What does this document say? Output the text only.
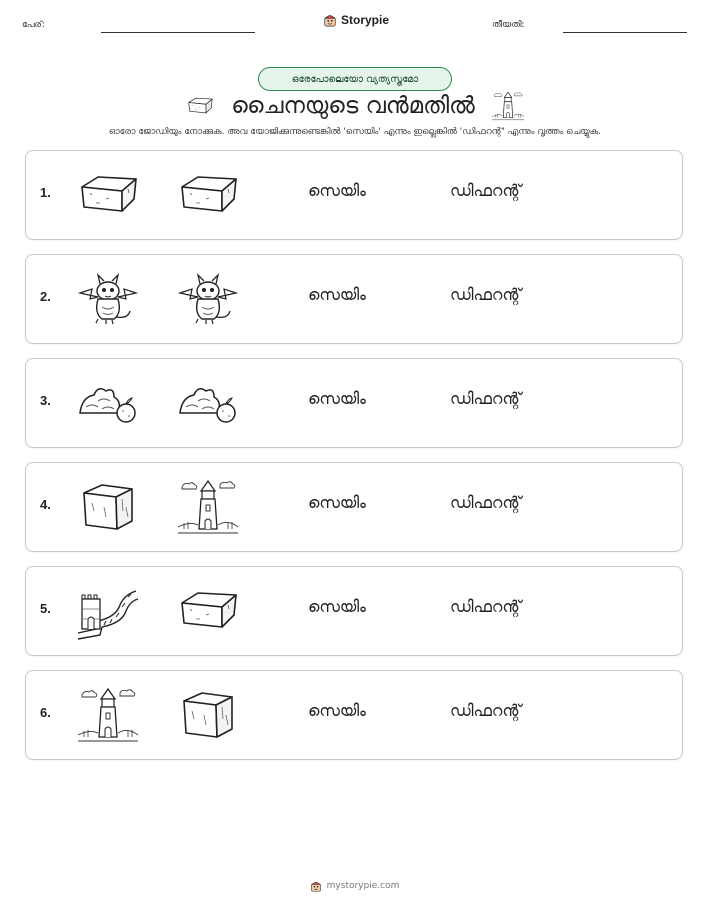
പേര്:	Storypie	തീയതി:
ഒരേപോലെയോ വ്യത്യസ്തമോ
ചൈനയുടെ വൻമതിൽ
ഓരോ ജോഡിയും നോക്കുക. അവ യോജിക്കുന്നുണ്ടെങ്കിൽ 'സെയിം' എന്നും ഇല്ലെങ്കിൽ 'ഡിഫറന്റ്' എന്നും വൃത്തം ചെയ്യുക.
1.	സെയിം	ഡിഫറന്റ്
2.	സെയിം	ഡിഫറന്റ്
3.	സെയിം	ഡിഫറന്റ്
4.	സെയിം	ഡിഫറന്റ്
5.	സെയിം	ഡിഫറന്റ്
6.	സെയിം	ഡിഫറന്റ്
mystorypie.com
